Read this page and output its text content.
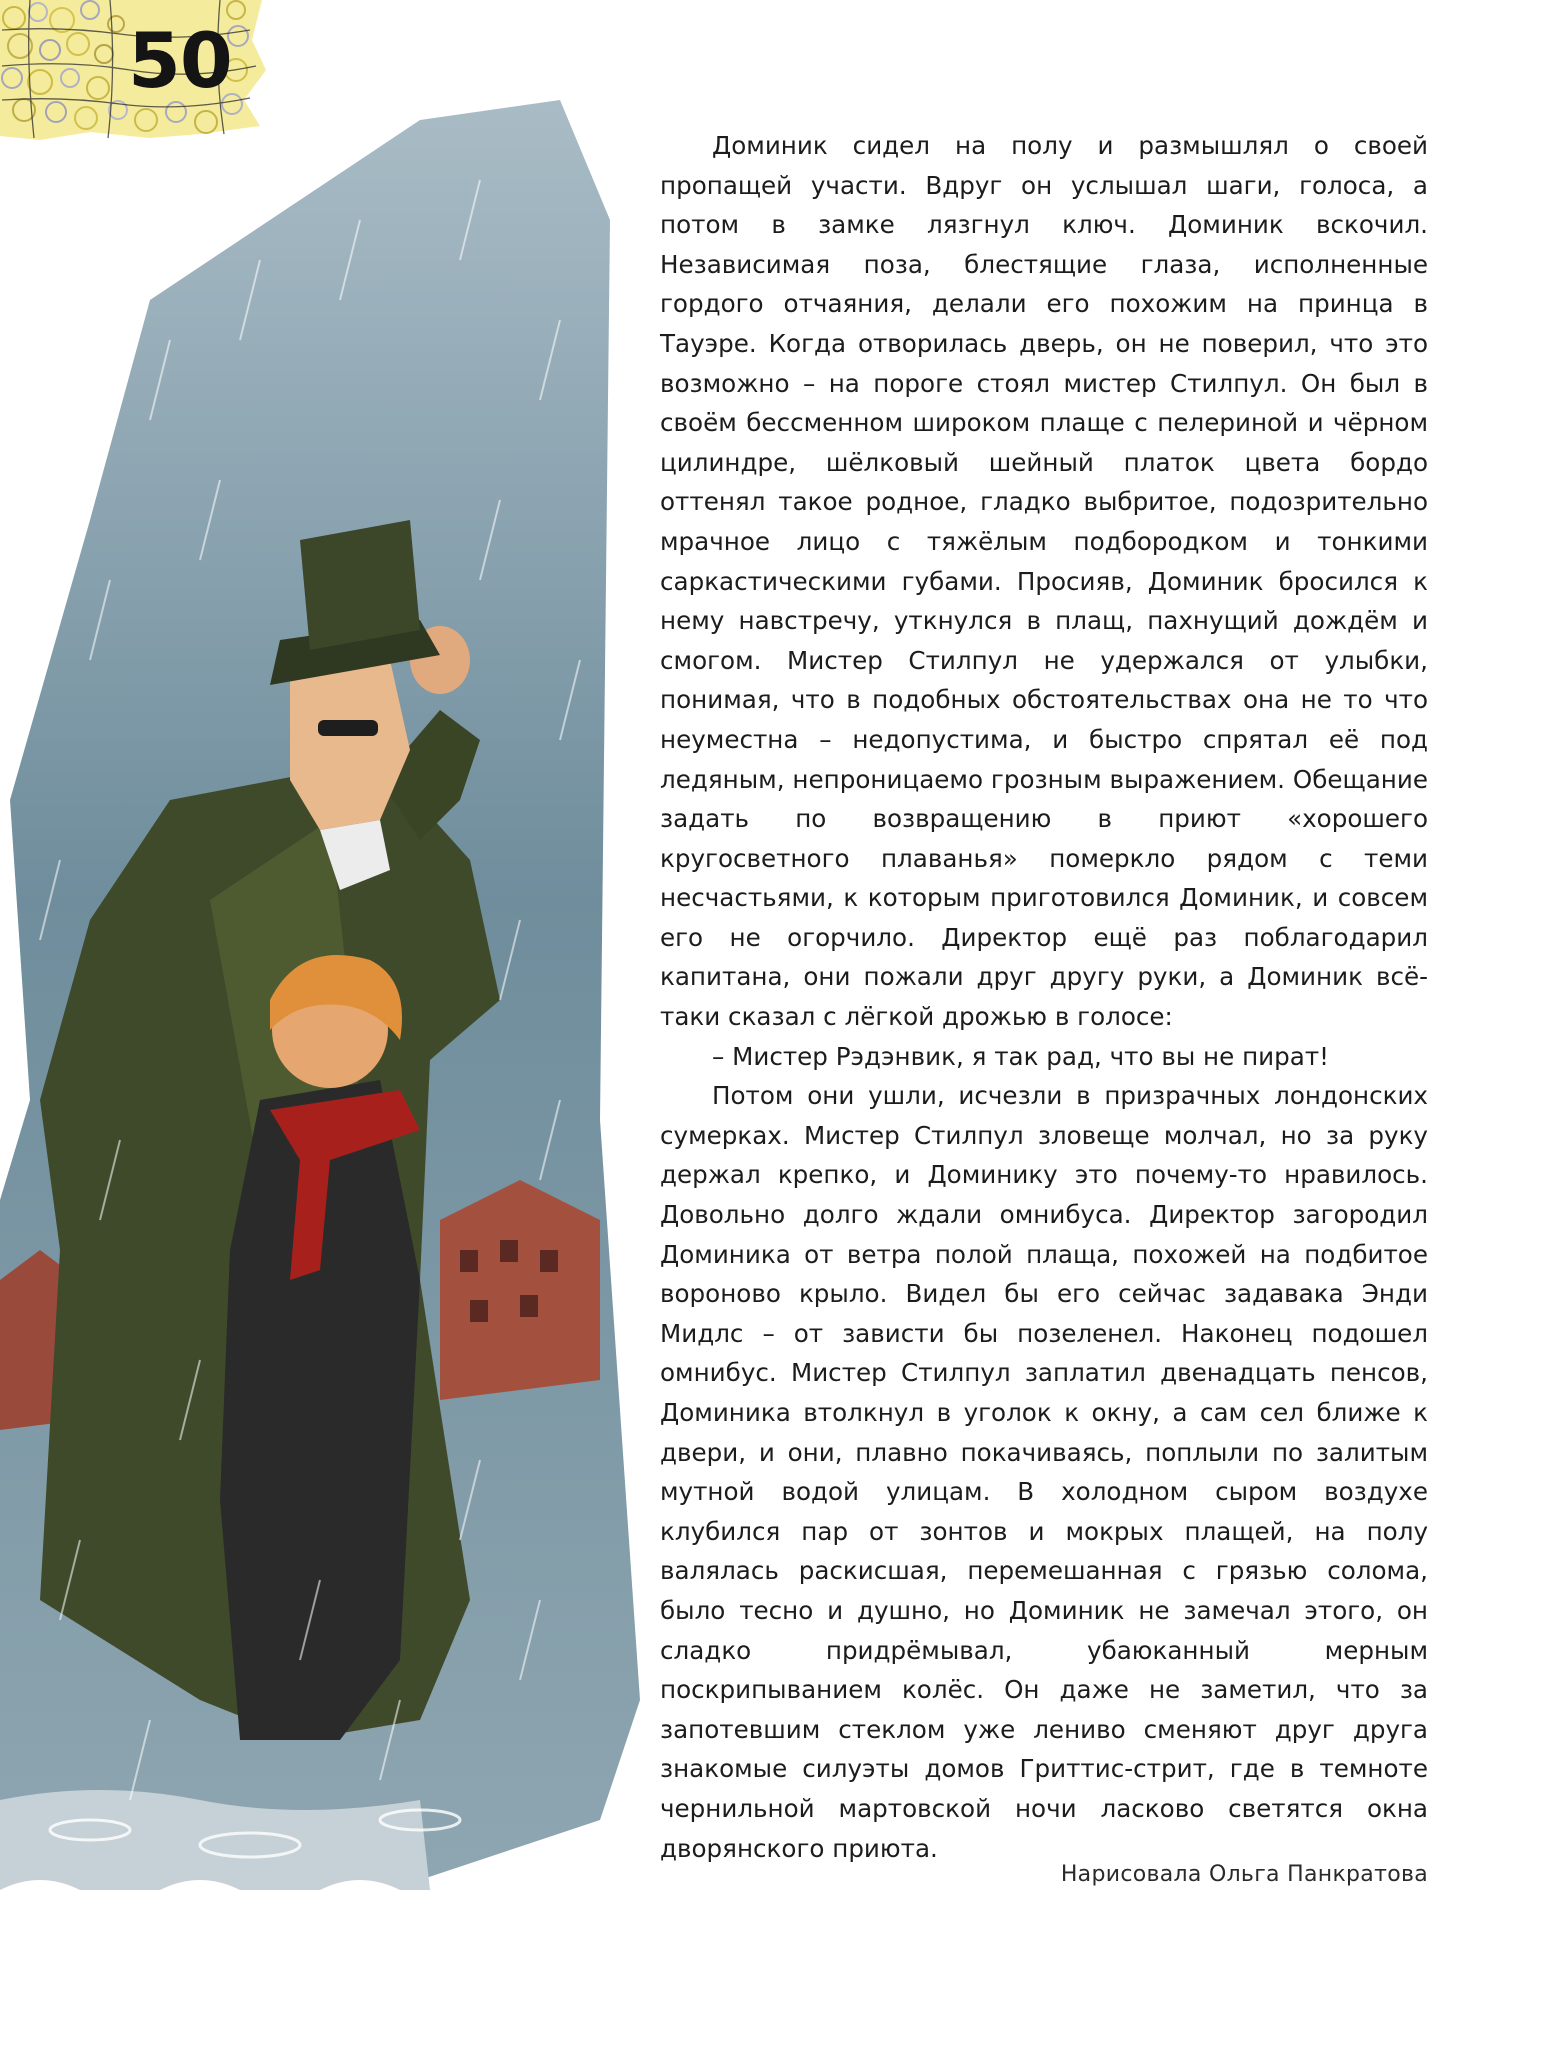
50

Доминик сидел на полу и размышлял о своей пропащей участи. Вдруг он услышал шаги, голоса, а потом в замке лязгнул ключ. Доминик вскочил. Независимая поза, блестящие глаза, исполненные гордого отчаяния, делали его похожим на принца в Тауэре. Когда отворилась дверь, он не поверил, что это возможно – на пороге стоял мистер Стилпул. Он был в своём бессменном широком плаще с пелериной и чёрном цилиндре, шёлковый шейный платок цвета бордо оттенял такое родное, гладко выбритое, подозрительно мрачное лицо с тяжёлым подбородком и тонкими саркастическими губами. Просияв, Доминик бросился к нему навстречу, уткнулся в плащ, пахнущий дождём и смогом. Мистер Стилпул не удержался от улыбки, понимая, что в подобных обстоятельствах она не то что неуместна – недопустима, и быстро спрятал её под ледяным, непроницаемо грозным выражением. Обещание задать по возвращению в приют «хорошего кругосветного плаванья» померкло рядом с теми несчастьями, к которым приготовился Доминик, и совсем его не огорчило. Директор ещё раз поблагодарил капитана, они пожали друг другу руки, а Доминик всё-таки сказал с лёгкой дрожью в голосе:

– Мистер Рэдэнвик, я так рад, что вы не пират!

Потом они ушли, исчезли в призрачных лондонских сумерках. Мистер Стилпул зловеще молчал, но за руку держал крепко, и Доминику это почему-то нравилось. Довольно долго ждали омнибуса. Директор загородил Доминика от ветра полой плаща, похожей на подбитое вороново крыло. Видел бы его сейчас задавака Энди Мидлс – от зависти бы позеленел. Наконец подошел омнибус. Мистер Стилпул заплатил двенадцать пенсов, Доминика втолкнул в уголок к окну, а сам сел ближе к двери, и они, плавно покачиваясь, поплыли по залитым мутной водой улицам. В холодном сыром воздухе клубился пар от зонтов и мокрых плащей, на полу валялась раскисшая, перемешанная с грязью солома, было тесно и душно, но Доминик не замечал этого, он сладко придрёмывал, убаюканный мерным поскрипыванием колёс. Он даже не заметил, что за запотевшим стеклом уже лениво сменяют друг друга знакомые силуэты домов Гриттис-стрит, где в темноте чернильной мартовской ночи ласково светятся окна дворянского приюта.

Нарисовала Ольга Панкратова
